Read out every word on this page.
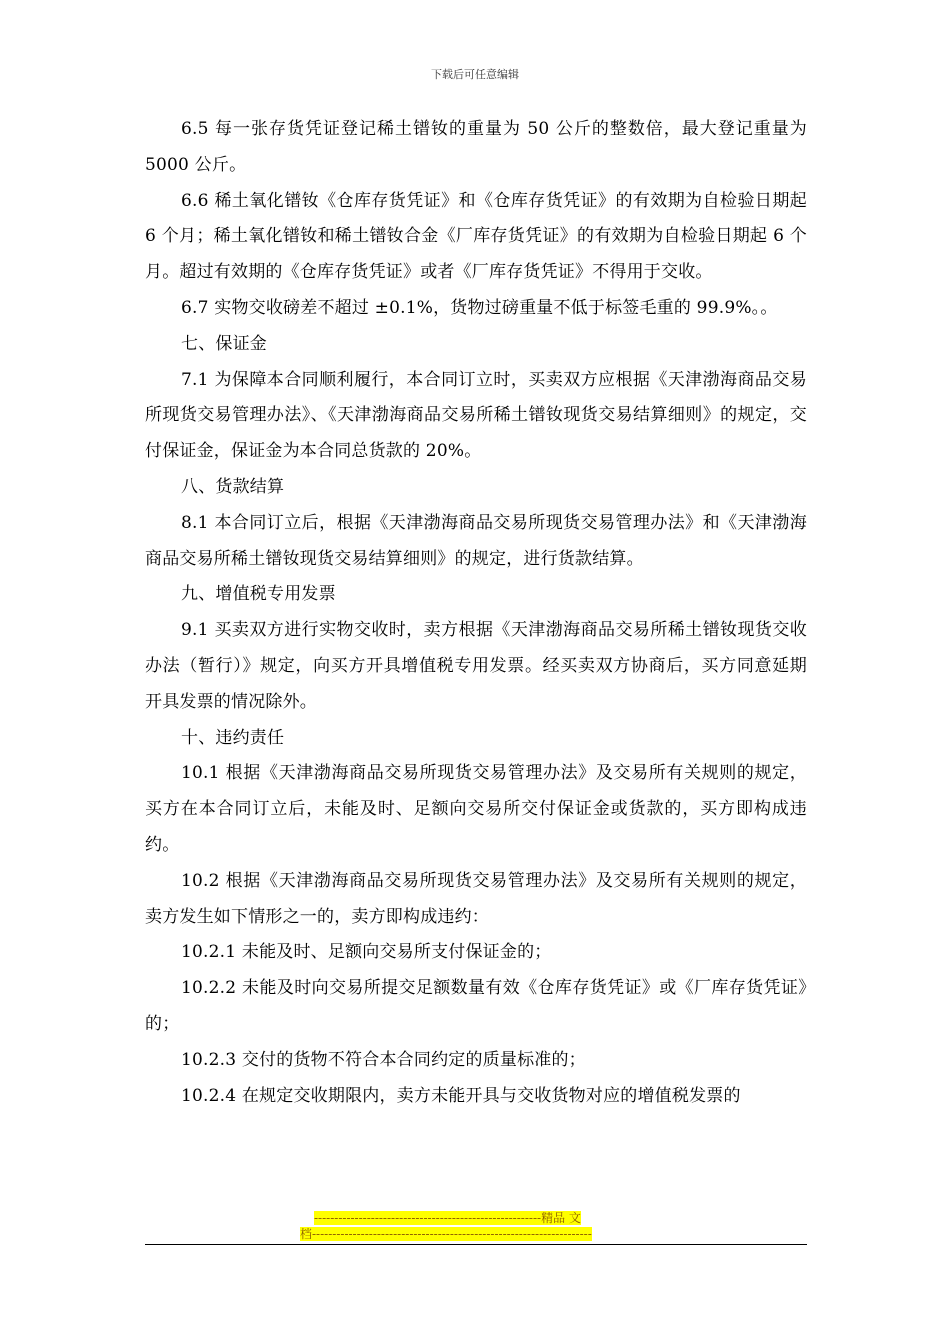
下载后可任意编辑

6.5 每一张存货凭证登记稀土镨钕的重量为 50 公斤的整数倍，最大登记重量为 5000 公斤。

6.6 稀土氧化镨钕《仓库存货凭证》和《仓库存货凭证》的有效期为自检验日期起 6 个月；稀土氧化镨钕和稀土镨钕合金《厂库存货凭证》的有效期为自检验日期起 6 个月。超过有效期的《仓库存货凭证》或者《厂库存货凭证》不得用于交收。

6.7 实物交收磅差不超过 ±0.1%，货物过磅重量不低于标签毛重的 99.9%。。

七、保证金

7.1 为保障本合同顺利履行，本合同订立时，买卖双方应根据《天津渤海商品交易所现货交易管理办法》、《天津渤海商品交易所稀土镨钕现货交易结算细则》的规定，交付保证金，保证金为本合同总货款的 20%。

八、货款结算

8.1 本合同订立后，根据《天津渤海商品交易所现货交易管理办法》和《天津渤海商品交易所稀土镨钕现货交易结算细则》的规定，进行货款结算。

九、增值税专用发票

9.1 买卖双方进行实物交收时，卖方根据《天津渤海商品交易所稀土镨钕现货交收办法（暂行）》规定，向买方开具增值税专用发票。经买卖双方协商后，买方同意延期开具发票的情况除外。

十、违约责任

10.1 根据《天津渤海商品交易所现货交易管理办法》及交易所有关规则的规定，买方在本合同订立后，未能及时、足额向交易所交付保证金或货款的，买方即构成违约。

10.2 根据《天津渤海商品交易所现货交易管理办法》及交易所有关规则的规定，卖方发生如下情形之一的，卖方即构成违约：

10.2.1 未能及时、足额向交易所支付保证金的；

10.2.2 未能及时向交易所提交足额数量有效《仓库存货凭证》或《厂库存货凭证》的；

10.2.3 交付的货物不符合本合同约定的质量标准的；

10.2.4 在规定交收期限内，卖方未能开具与交收货物对应的增值税发票的

--------------------------------------------------------精品 文
档---------------------------------------------------------------------
